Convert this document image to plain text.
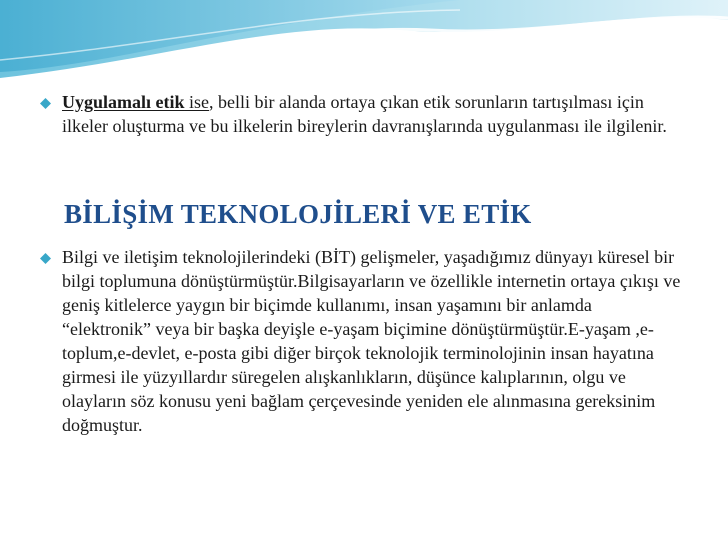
Uygulamalı etik ise, belli bir alanda ortaya çıkan etik sorunların tartışılması için ilkeler oluşturma ve bu ilkelerin bireylerin davranışlarında uygulanması ile ilgilenir.
BİLİŞİM TEKNOLOJİLERİ VE ETİK
Bilgi ve iletişim teknolojilerindeki (BİT) gelişmeler, yaşadığımız dünyayı küresel bir bilgi toplumuna dönüştürmüştür.Bilgisayarların ve özellikle internetin ortaya çıkışı ve geniş kitlelerce yaygın bir biçimde kullanımı, insan yaşamını bir anlamda “elektronik” veya bir başka deyişle e-yaşam biçimine dönüştürmüştür.E-yaşam ,e-toplum,e-devlet, e-posta gibi diğer birçok teknolojik terminolojinin insan hayatına girmesi ile yüzyıllardır süregelen alışkanlıkların, düşünce kalıplarının, olgu ve olayların söz konusu yeni bağlam çerçevesinde yeniden ele alınmasına gereksinim doğmuştur.
